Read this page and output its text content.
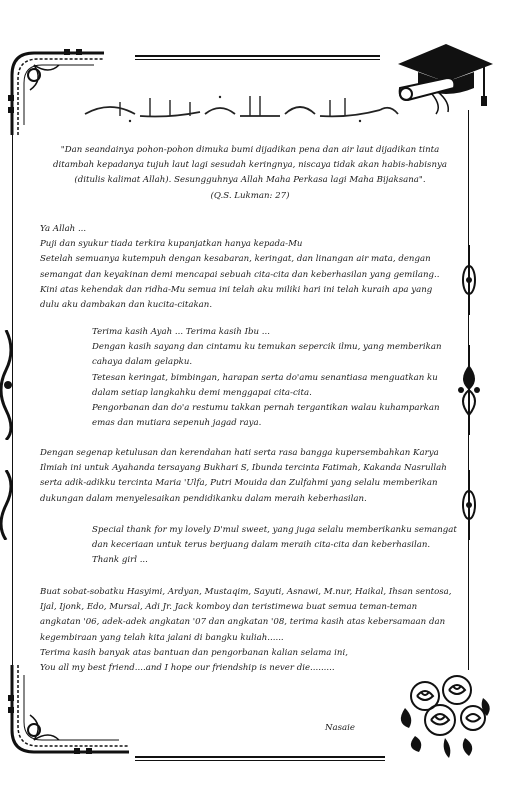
"Dan seandainya pohon-pohon dimuka bumi dijadikan pena dan air laut dijadikan tinta
ditambah kepadanya tujuh laut lagi sesudah keringnya, niscaya tidak akan habis-habisnya
(ditulis kalimat Allah). Sesungguhnya Allah Maha Perkasa lagi Maha Bijaksana".
(Q.S. Lukman: 27)
Ya Allah ...
Puji dan syukur tiada terkira kupanjatkan hanya kepada-Mu
Setelah semuanya kutempuh dengan kesabaran, keringat, dan linangan air mata, dengan
semangat dan keyakinan demi mencapai sebuah cita-cita dan keberhasilan yang gemilang..
Kini atas kehendak dan ridha-Mu semua ini telah aku miliki hari ini telah kuraih apa yang
dulu aku dambakan dan kucita-citakan.
Terima kasih Ayah ... Terima kasih Ibu ...
Dengan kasih sayang dan cintamu ku temukan sepercik ilmu, yang memberikan
cahaya dalam gelapku.
Tetesan keringat, bimbingan, harapan serta do'amu senantiasa menguatkan ku
dalam setiap langkahku demi menggapai cita-cita.
Pengorbanan dan do'a restumu takkan pernah tergantikan walau kuhamparkan
emas dan mutiara sepenuh jagad raya.
Dengan segenap ketulusan dan kerendahan hati serta rasa bangga kupersembahkan Karya
Ilmiah ini untuk Ayahanda tersayang Bukhari S, Ibunda tercinta Fatimah, Kakanda Nasrullah
serta adik-adikku tercinta Maria 'Ulfa, Putri Mouida dan Zulfahmi yang selalu memberikan
dukungan dalam menyelesaikan pendidikanku dalam meraih keberhasilan.
Special thank for my lovely D'mul sweet, yang juga selalu memberikanku semangat
dan keceriaan untuk terus berjuang dalam meraih cita-cita dan keberhasilan.
Thank girl ...
Buat sobat-sobatku Hasyimi, Ardyan, Mustaqim, Sayuti, Asnawi, M.nur, Haikal, Ihsan sentosa,
Ijal, Ijonk, Edo, Mursal, Adi Jr. Jack komboy dan teristimewa buat semua teman-teman
angkatan '06, adek-adek angkatan '07 dan angkatan '08, terima kasih atas kebersamaan dan
kegembiraan yang telah kita jalani di bangku kuliah......
Terima kasih banyak atas bantuan dan pengorbanan kalian selama ini,
You all my best friend....and I hope our friendship is never die.........
Nasaie
